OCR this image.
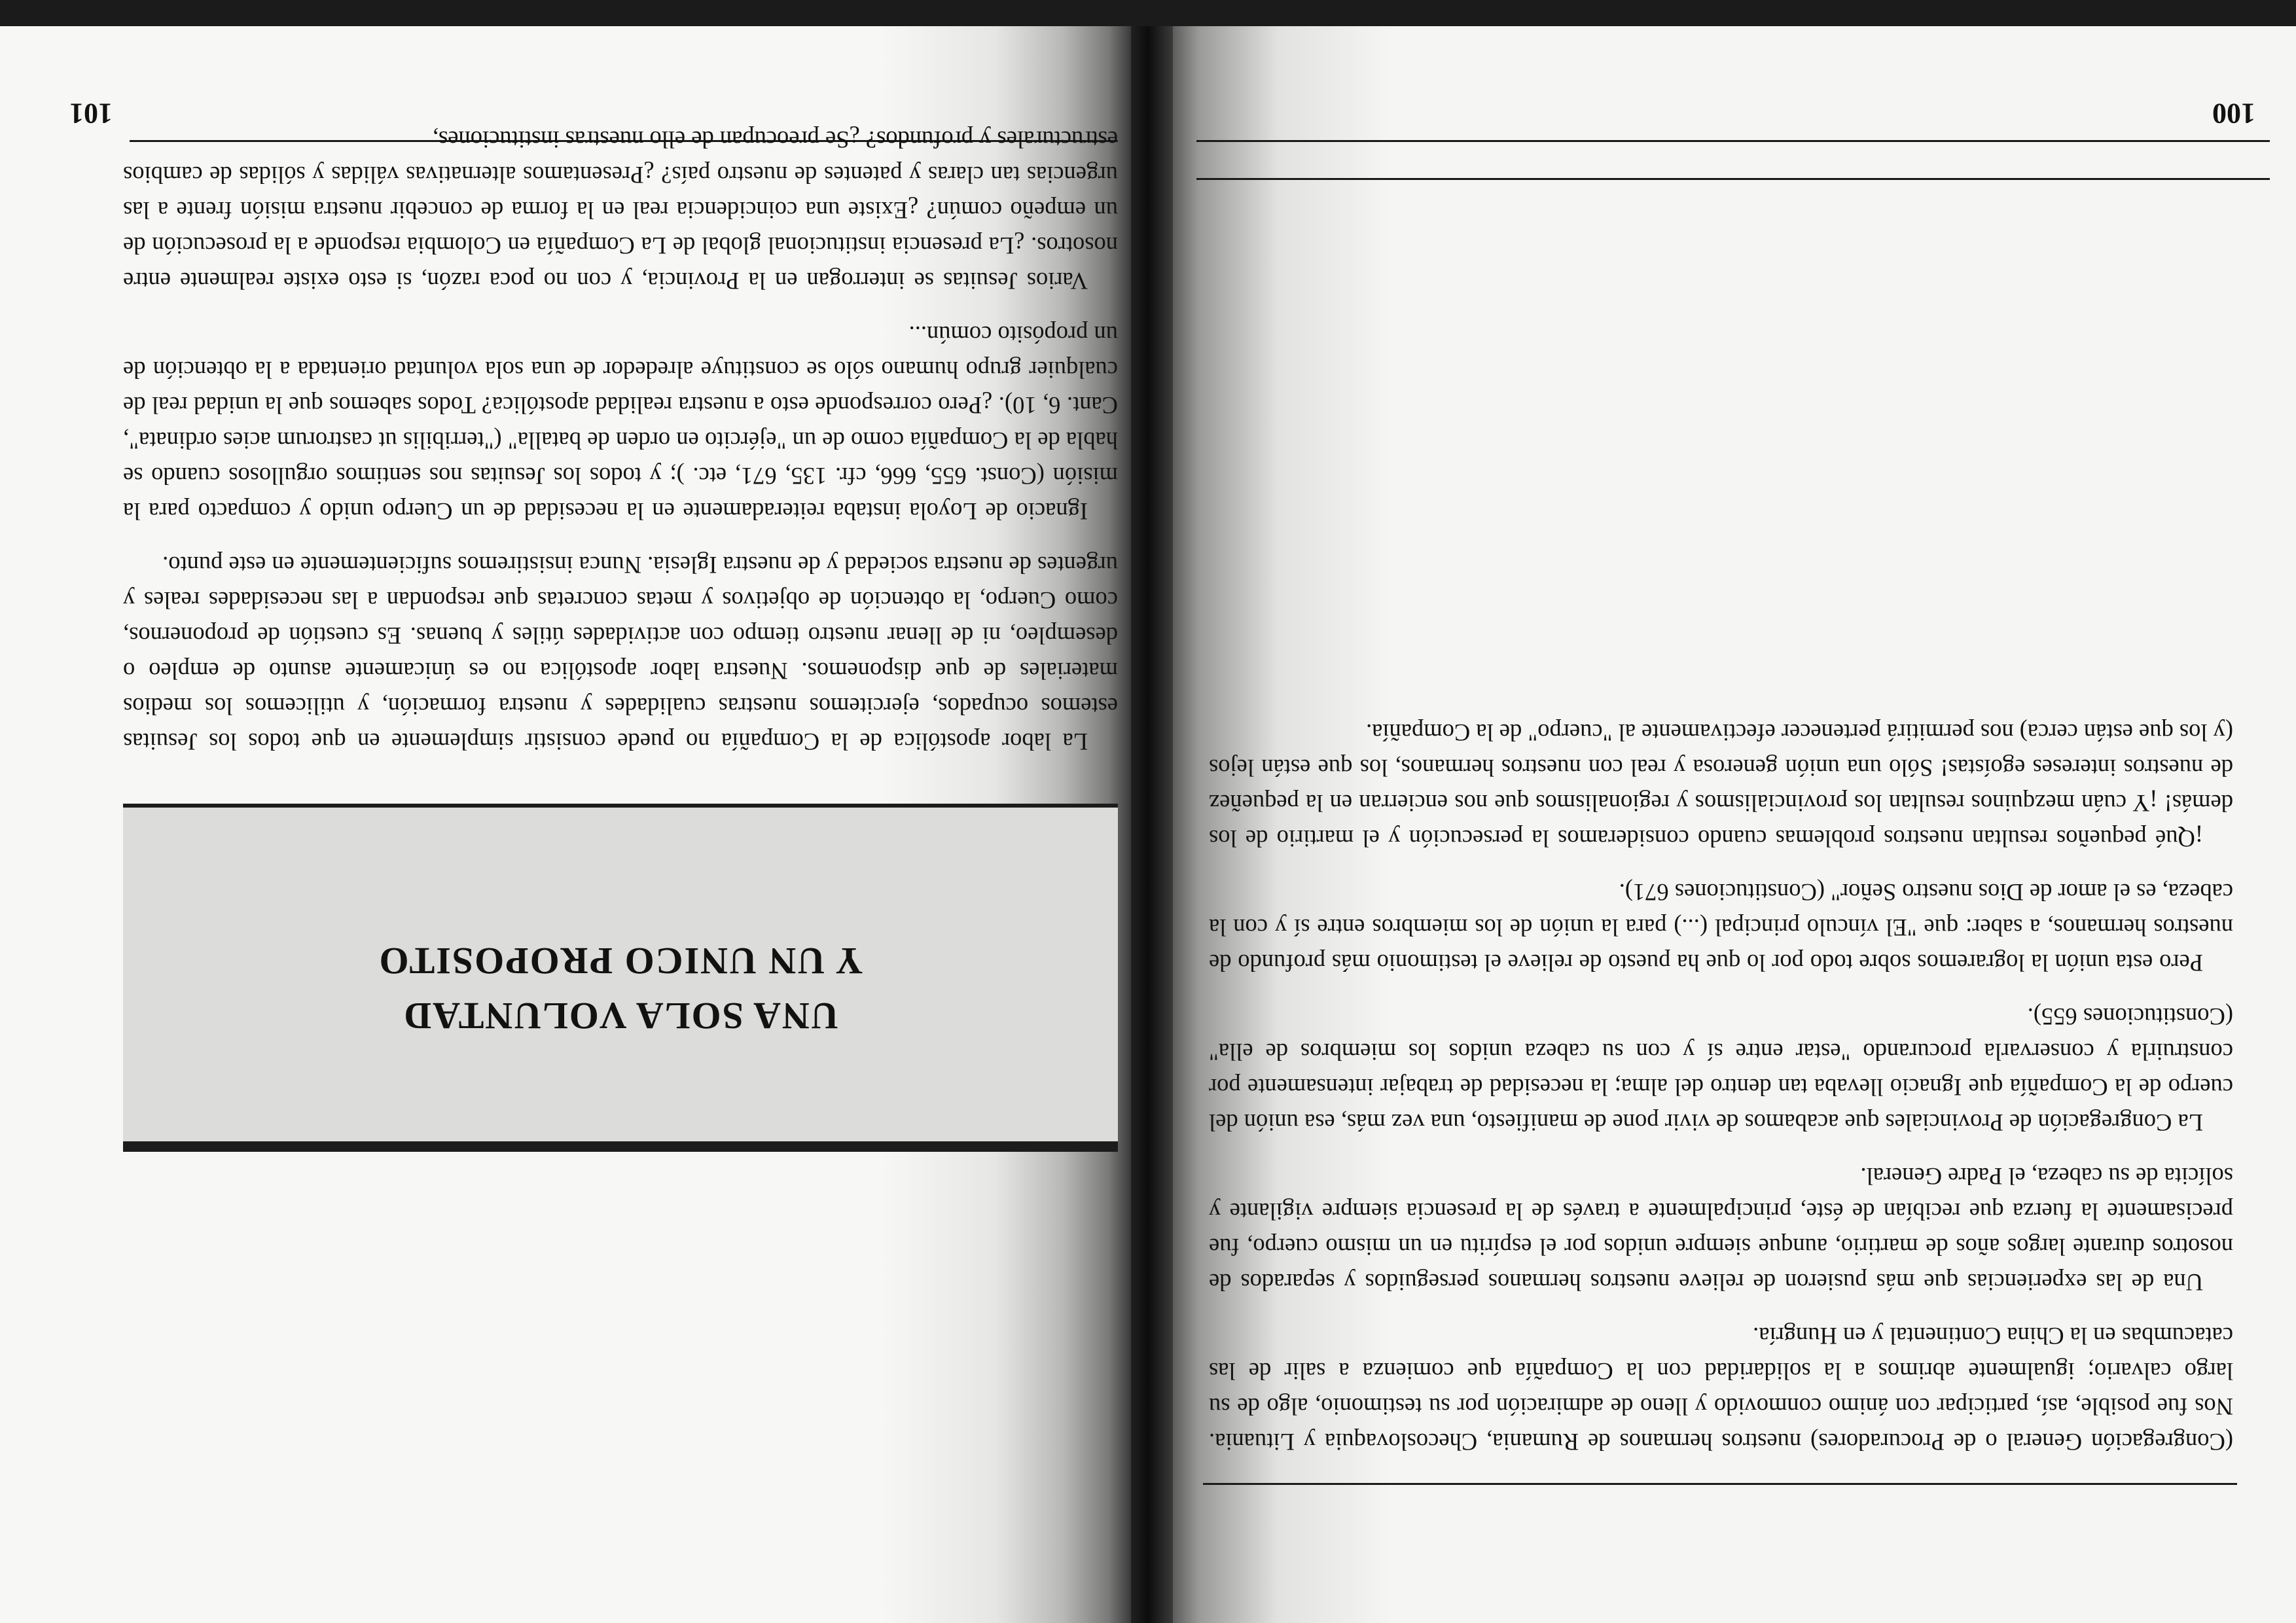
100

(Congregación General o de Procuradores) nuestros hermanos de Rumania, Checoslovaquia y Lituania. Nos fue posible, así, participar con ánimo conmovido y lleno de admiración por su testimonio, algo de su largo calvario; igualmente abrimos a la solidaridad con la Compañía que comienza a salir de las catacumbas en la China Continental y en Hungría.

Una de las experiencias que más pusieron de relieve nuestros hermanos perseguidos y separados de nosotros durante largos años de martirio, aunque siempre unidos por el espíritu en un mismo cuerpo, fue precisamente la fuerza que recibían de éste, principalmente a través de la presencia siempre vigilante y solícita de su cabeza, el Padre General.

La Congregación de Provinciales que acabamos de vivir pone de manifiesto, una vez más, esa unión del cuerpo de la Compañía que Ignacio llevaba tan dentro del alma; la necesidad de trabajar intensamente por construirla y conservarla procurando "estar entre sí y con su cabeza unidos los miembros de ella" (Constituciones 655).

Pero esta unión la lograremos sobre todo por lo que ha puesto de relieve el testimonio más profundo de nuestros hermanos, a saber: que "El vínculo principal (...) para la unión de los miembros entre sí y con la cabeza, es el amor de Dios nuestro Señor" (Constituciones 671).

¡Qué pequeños resultan nuestros problemas cuando consideramos la persecución y el martirio de los demás! ¡Y cuán mezquinos resultan los provincialismos y regionalismos que nos encierran en la pequeñez de nuestros intereses egoístas! Sólo una unión generosa y real con nuestros hermanos, los que están lejos (y los que están cerca) nos permitirá pertenecer efectivamente al "cuerpo" de la Compañía.

101
UNA SOLA VOLUNTAD
Y UN UNICO PROPOSITO

La labor apostólica de la Compañía no puede consistir simplemente en que todos los Jesuitas estemos ocupados, ejercitemos nuestras cualidades y nuestra formación, y utilicemos los medios materiales de que disponemos. Nuestra labor apostólica no es únicamente asunto de empleo o desempleo, ni de llenar nuestro tiempo con actividades útiles y buenas. Es cuestión de proponernos, como Cuerpo, la obtención de objetivos y metas concretas que respondan a las necesidades reales y urgentes de nuestra sociedad y de nuestra Iglesia. Nunca insistiremos suficientemente en este punto.

Ignacio de Loyola instaba reiteradamente en la necesidad de un Cuerpo unido y compacto para la misión (Const. 655, 666, cfr. 135, 671, etc. ); y todos los Jesuitas nos sentimos orgullosos cuando se habla de la Compañía como de un "ejército en orden de batalla" ("terribilis ut castrorum acies ordinata", Cant. 6, 10). ¿Pero corresponde esto a nuestra realidad apostólica? Todos sabemos que la unidad real de cualquier grupo humano sólo se constituye alrededor de una sola voluntad orientada a la obtención de un propósito común...

Varios Jesuitas se interrogan en la Provincia, y con no poca razón, si esto existe realmente entre nosotros. ¿La presencia institucional global de La Compañía en Colombia responde a la prosecución de un empeño común? ¿Existe una coincidencia real en la forma de concebir nuestra misión frente a las urgencias tan claras y patentes de nuestro país? ¿Presentamos alternativas válidas y sólidas de cambios estructurales y profundos? ¿Se preocupan de ello nuestras instituciones,
